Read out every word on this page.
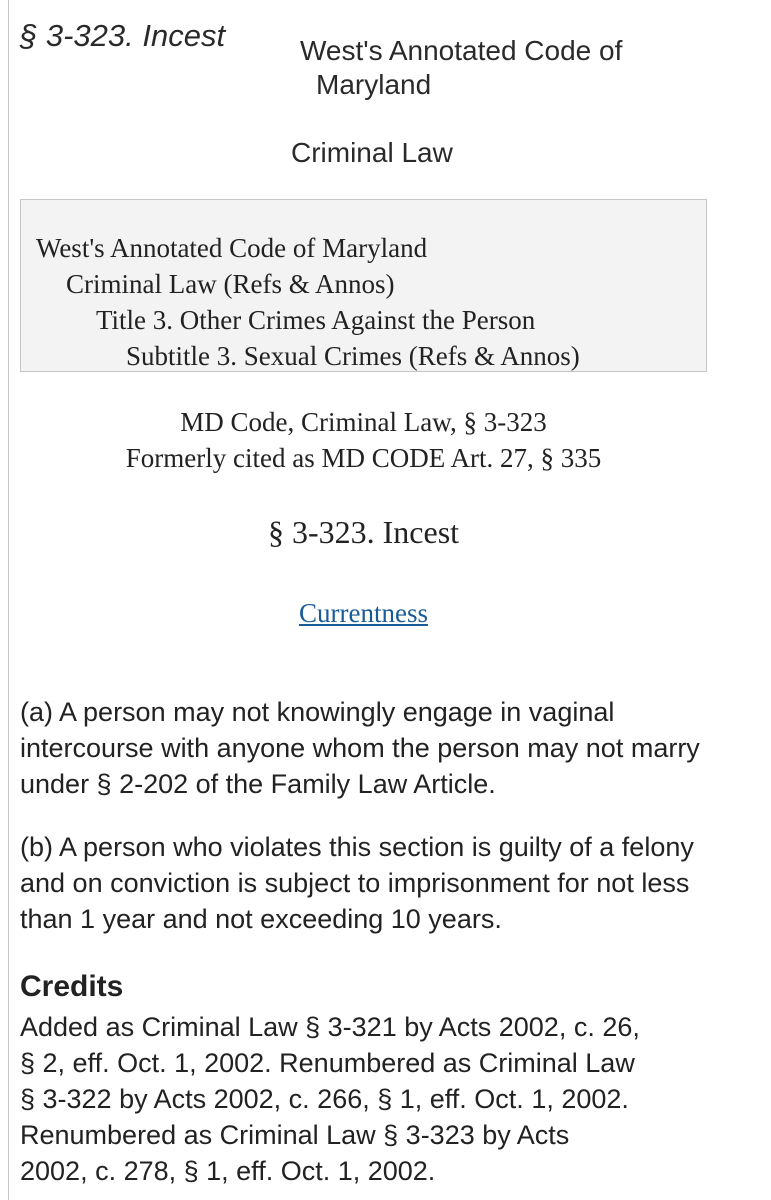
§ 3-323. Incest	West's Annotated Code of
Maryland
Criminal Law
West's Annotated Code of Maryland
Criminal Law (Refs & Annos)
Title 3. Other Crimes Against the Person
Subtitle 3. Sexual Crimes (Refs & Annos)
MD Code, Criminal Law, § 3-323
Formerly cited as MD CODE Art. 27, § 335
§ 3-323. Incest
Currentness
(a) A person may not knowingly engage in vaginal intercourse with anyone whom the person may not marry under § 2-202 of the Family Law Article.
(b) A person who violates this section is guilty of a felony and on conviction is subject to imprisonment for not less than 1 year and not exceeding 10 years.
Credits
Added as Criminal Law § 3-321 by Acts 2002, c. 26,
§ 2, eff. Oct. 1, 2002. Renumbered as Criminal Law
§ 3-322 by Acts 2002, c. 266, § 1, eff. Oct. 1, 2002.
Renumbered as Criminal Law § 3-323 by Acts
2002, c. 278, § 1, eff. Oct. 1, 2002.
